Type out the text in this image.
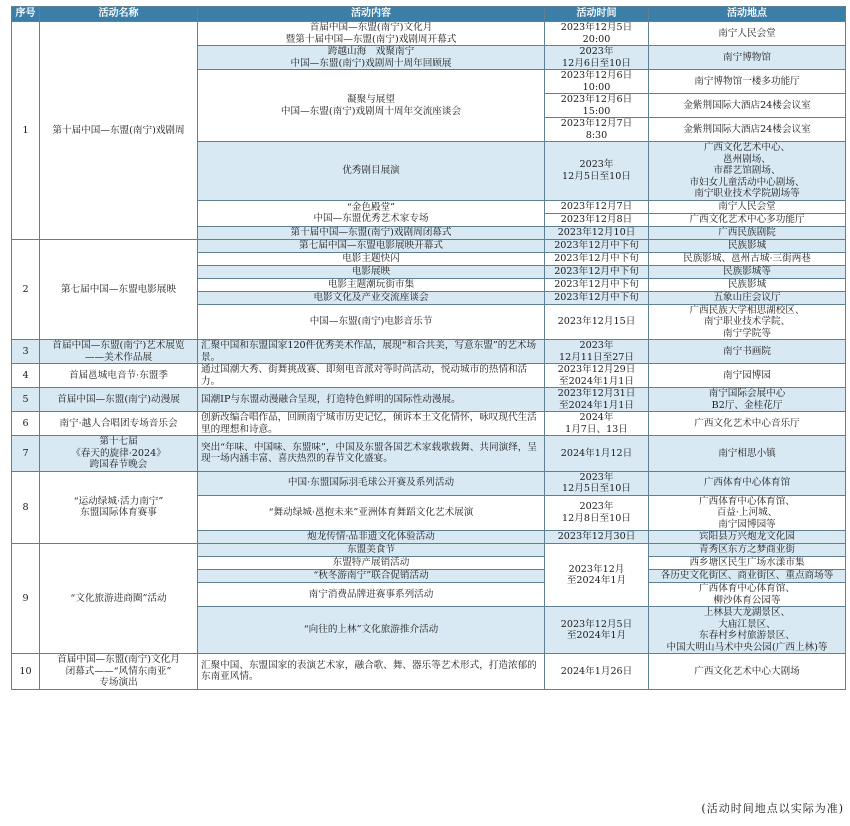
序号	活动名称	活动内容	活动时间	活动地点
1	第十届中国—东盟(南宁)戏剧周	首届中国—东盟(南宁)文化月
暨第十届中国—东盟(南宁)戏剧周开幕式	2023年12月5日
20:00	南宁人民会堂
		跨越山海　戏聚南宁
中国—东盟(南宁)戏剧周十周年回顾展	2023年
12月6日至10日	南宁博物馆
		凝聚与展望
中国—东盟(南宁)戏剧周十周年交流座谈会	2023年12月6日
10:00	南宁博物馆一楼多功能厅
			2023年12月6日
15:00	金紫荆国际大酒店24楼会议室
			2023年12月7日
8:30	金紫荆国际大酒店24楼会议室
		优秀剧目展演	2023年
12月5日至10日	广西文化艺术中心、
邕州剧场、
市群艺馆剧场、
市妇女儿童活动中心剧场、
南宁职业技术学院剧场等
		“金色殿堂”
中国—东盟优秀艺术家专场	2023年12月7日	南宁人民会堂
			2023年12月8日	广西文化艺术中心多功能厅
		第十届中国—东盟(南宁)戏剧周闭幕式	2023年12月10日	广西民族剧院
2	第七届中国—东盟电影展映	第七届中国—东盟电影展映开幕式	2023年12月中下旬	民族影城
		电影主题快闪	2023年12月中下旬	民族影城、邕州古城·三街两巷
		电影展映	2023年12月中下旬	民族影城等
		电影主题潮玩街市集	2023年12月中下旬	民族影城
		电影文化及产业交流座谈会	2023年12月中下旬	五象山庄会议厅
		中国—东盟(南宁)电影音乐节	2023年12月15日	广西民族大学相思湖校区、
南宁职业技术学院、
南宁学院等
3	首届中国—东盟(南宁)艺术展览
——美术作品展	汇聚中国和东盟国家120件优秀美术作品，展现“和合共美，写意东盟”的艺术场景。	2023年
12月11日至27日	南宁书画院
4	首届邕城电音节·东盟季	通过国潮大秀、街舞挑战赛、即刻电音派对等时尚活动，悦动城市的热情和活力。	2023年12月29日
至2024年1月1日	南宁园博园
5	首届中国—东盟(南宁)动漫展	国潮IP与东盟动漫融合呈现，打造特色鲜明的国际性动漫展。	2023年12月31日
至2024年1月1日	南宁国际会展中心
B2厅、金桂花厅
6	南宁·越人合唱团专场音乐会	创新改编合唱作品，回顾南宁城市历史记忆，倾诉本土文化情怀，咏叹现代生活里的理想和诗意。	2024年
1月7日、13日	广西文化艺术中心音乐厅
7	第十七届
《春天的旋律·2024》
跨国春节晚会	突出“年味、中国味、东盟味”，中国及东盟各国艺术家载歌载舞、共同演绎，呈现一场内涵丰富、喜庆热烈的春节文化盛宴。	2024年1月12日	南宁相思小镇
8	“运动绿城·活力南宁”
东盟国际体育赛事	中国·东盟国际羽毛球公开赛及系列活动	2023年
12月5日至10日	广西体育中心体育馆
		“舞动绿城·邕抱未来”亚洲体育舞蹈文化艺术展演	2023年
12月8日至10日	广西体育中心体育馆、
百益·上河城、
南宁园博园等
		炮龙传情·品非遗文化体验活动	2023年12月30日	宾阳县万兴炮龙文化园
9	“文化旅游进商圈”活动	东盟美食节	2023年12月
至2024年1月	青秀区东方之梦商业街
		东盟特产展销活动		西乡塘区民生广场水漾市集
		“秋冬游南宁”联合促销活动		各历史文化街区、商业街区、重点商场等
		南宁消费品牌进赛事系列活动		广西体育中心体育馆、
柳沙体育公园等
		“向往的上林”文化旅游推介活动	2023年12月5日
至2024年1月	上林县大龙湖景区、
大庙江景区、
东春村乡村旅游景区、
中国大明山马术中央公园(广西上林)等
10	首届中国—东盟(南宁)文化月
闭幕式——“风情东南亚”
专场演出	汇聚中国、东盟国家的表演艺术家，融合歌、舞、器乐等艺术形式，打造浓郁的东南亚风情。	2024年1月26日	广西文化艺术中心大剧场
(活动时间地点以实际为准)
